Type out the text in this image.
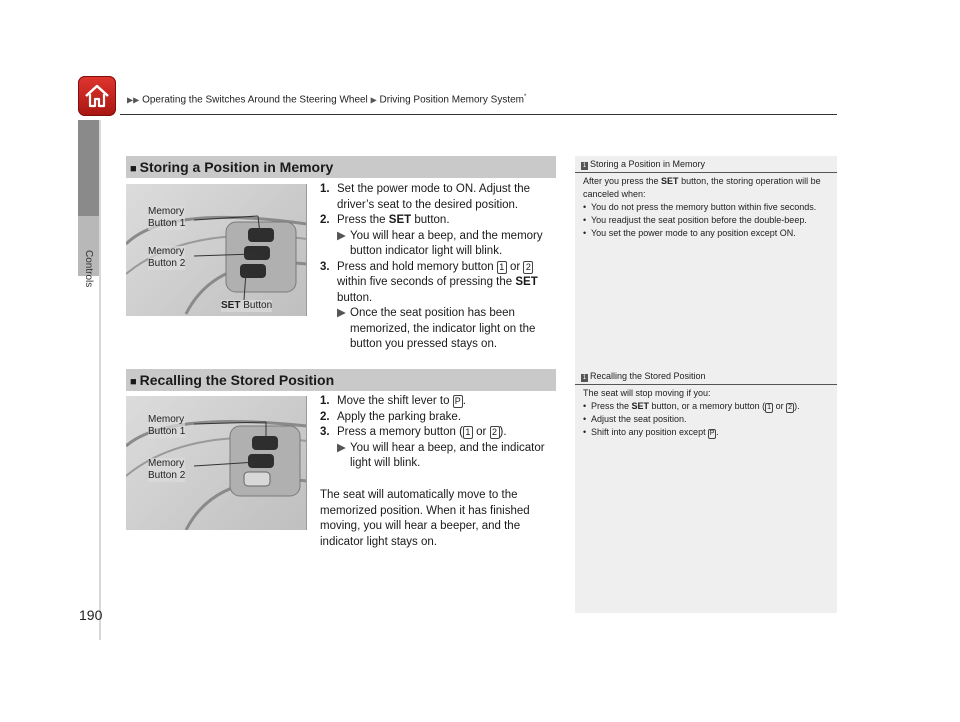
▶▶ Operating the Switches Around the Steering Wheel ▶ Driving Position Memory System*
Controls
■ Storing a Position in Memory
Memory
Button 1
Memory
Button 2
SET Button
1. Set the power mode to ON. Adjust the driver’s seat to the desired position.
2. Press the SET button.
▶ You will hear a beep, and the memory button indicator light will blink.
3. Press and hold memory button 1 or 2 within five seconds of pressing the SET button.
▶ Once the seat position has been memorized, the indicator light on the button you pressed stays on.
■ Recalling the Stored Position
Memory
Button 1
Memory
Button 2
1. Move the shift lever to P .
2. Apply the parking brake.
3. Press a memory button ( 1 or 2 ).
▶ You will hear a beep, and the indicator light will blink.
The seat will automatically move to the memorized position. When it has finished moving, you will hear a beeper, and the indicator light stays on.
1 Storing a Position in Memory
After you press the SET button, the storing operation will be canceled when:
• You do not press the memory button within five seconds.
• You readjust the seat position before the double-beep.
• You set the power mode to any position except ON.
1 Recalling the Stored Position
The seat will stop moving if you:
• Press the SET button, or a memory button ( 1 or 2 ).
• Adjust the seat position.
• Shift into any position except P .
190
